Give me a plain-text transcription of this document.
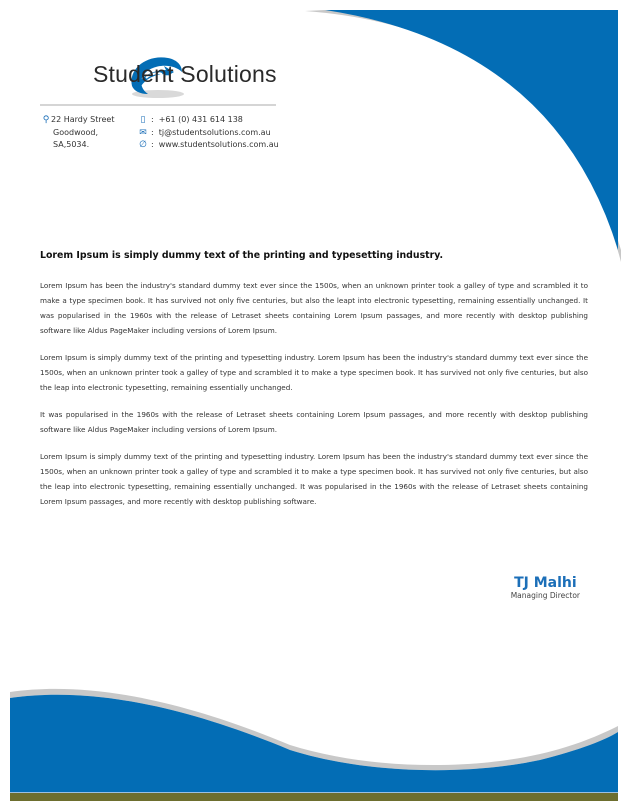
Student Solutions
⚲ 22 Hardy Street
Goodwood,
SA,5034.
▯ : +61 (0) 431 614 138
✉ : tj@studentsolutions.com.au
∅ : www.studentsolutions.com.au
Lorem Ipsum is simply dummy text of the printing and typesetting industry.

Lorem Ipsum has been the industry's standard dummy text ever since the 1500s, when an unknown printer took a galley of type and scrambled it to make a type specimen book. It has survived not only five centuries, but also the leapt into electronic typesetting, remaining essentially unchanged. It was popularised in the 1960s with the release of Letraset sheets containing Lorem Ipsum passages, and more recently with desktop publishing software like Aldus PageMaker including versions of Lorem Ipsum.

Lorem Ipsum is simply dummy text of the printing and typesetting industry. Lorem Ipsum has been the industry's standard dummy text ever since the 1500s, when an unknown printer took a galley of type and scrambled it to make a type specimen book. It has survived not only five centuries, but also the leap into electronic typesetting, remaining essentially unchanged.

It was popularised in the 1960s with the release of Letraset sheets containing Lorem Ipsum passages, and more recently with desktop publishing software like Aldus PageMaker including versions of Lorem Ipsum.

Lorem Ipsum is simply dummy text of the printing and typesetting industry. Lorem Ipsum has been the industry's standard dummy text ever since the 1500s, when an unknown printer took a galley of type and scrambled it to make a type specimen book. It has survived not only five centuries, but also the leap into electronic typesetting, remaining essentially unchanged. It was popularised in the 1960s with the release of Letraset sheets containing Lorem Ipsum passages, and more recently with desktop publishing software.

TJ Malhi
Managing Director
